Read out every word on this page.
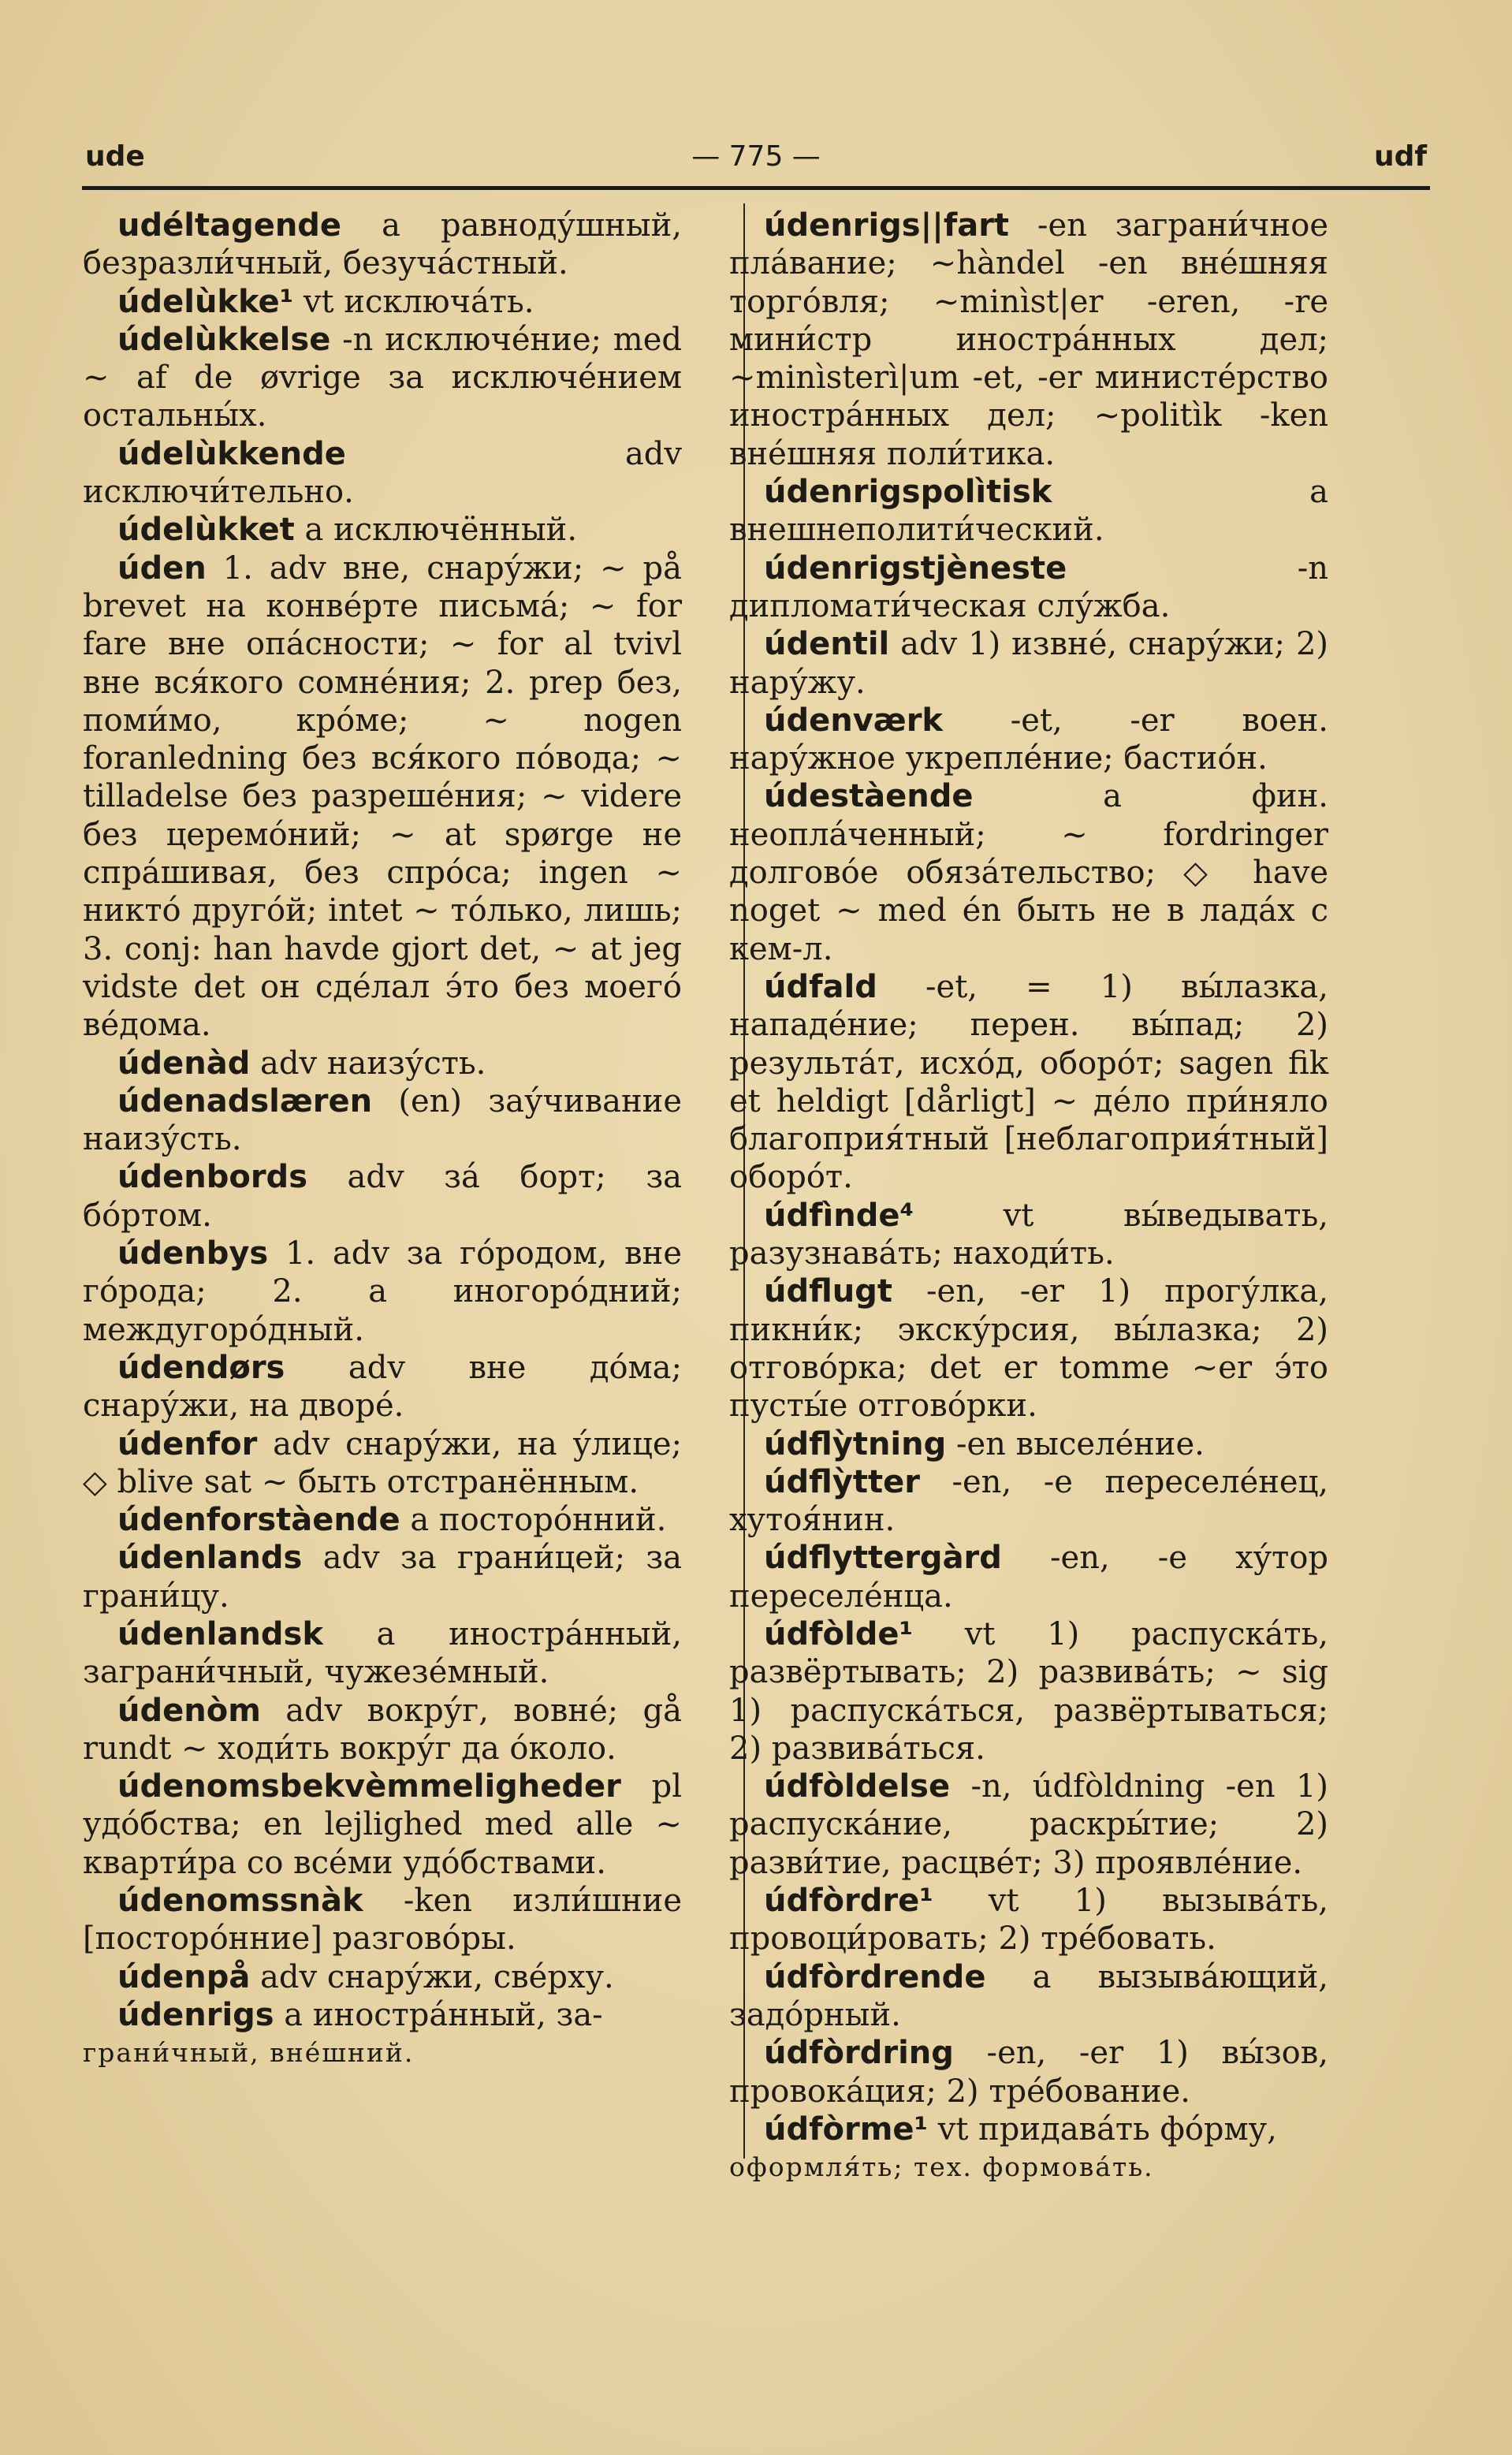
ude	— 775 —	udf

udéltagende a равноду́шный, безразли́чный, безуча́стный.

údelùkke¹ vt исключа́ть.

údelùkkelse -n исключе́ние; med ~ af de øvrige за исключе́нием остальны́х.

údelùkkende adv исключи́тельно.

údelùkket a исключённый.

úden 1. adv вне, снару́жи; ~ på brevet на конве́рте письма́; ~ for fare вне опа́сности; ~ for al tvivl вне вся́кого сомне́ния; 2. prep без, поми́мо, кро́ме; ~ nogen foranledning без вся́кого по́вода; ~ tilladelse без разреше́ния; ~ videre без церемо́ний; ~ at spørge не спра́шивая, без спро́са; ingen ~ никто́ друго́й; intet ~ то́лько, лишь; 3. conj: han havde gjort det, ~ at jeg vidste det он сде́лал э́то без моего́ ве́дома.

údenàd adv наизу́сть.

údenadslæren (en) зау́чивание наизу́сть.

údenbords adv за́ борт; за бо́ртом.

údenbys 1. adv за го́родом, вне го́рода; 2. a иногоро́дний; междугоро́дный.

údendørs adv вне до́ма; снару́жи, на дворе́.

údenfor adv снару́жи, на у́лице; ◇ blive sat ~ быть отстранённым.

údenforstàende a посторо́нний.

údenlands adv за грани́цей; за грани́цу.

údenlandsk a иностра́нный, заграни́чный, чужезе́мный.

údenòm adv вокру́г, вовне́; gå rundt ~ ходи́ть вокру́г да о́коло.

údenomsbekvèmmeligheder pl удо́бства; en lejlighed med alle ~ кварти́ра со все́ми удо́бствами.

údenomssnàk -ken изли́шние [посторо́нние] разгово́ры.

údenpå adv снару́жи, све́рху.

údenrigs a иностра́нный, за-

грани́чный, вне́шний.

údenrigs||fart -en заграни́чное пла́вание; ~hàndel -en вне́шняя торго́вля; ~minìst|er -eren, -re мини́стр иностра́нных дел; ~minìsterì|um -et, -er министе́рство иностра́нных дел; ~politìk -ken вне́шняя поли́тика.

údenrigspolìtisk a внешнеполити́ческий.

údenrigstjèneste -n дипломати́ческая слу́жба.

údentil adv 1) извне́, снару́жи; 2) нару́жу.

údenværk -et, -er воен. нару́жное укрепле́ние; бастио́н.

údestàende a фин. неопла́ченный; ~ fordringer долгово́е обяза́тельство; ◇ have noget ~ med én быть не в лада́х с кем-л.

údfald -et, = 1) вы́лазка, нападе́ние; перен. вы́пад; 2) результа́т, исхо́д, оборо́т; sagen fik et heldigt [dårligt] ~ де́ло при́няло благоприя́тный [неблагоприя́тный] оборо́т.

údfìnde⁴ vt вы́ведывать, разузнава́ть; находи́ть.

údflugt -en, -er 1) прогу́лка, пикни́к; экску́рсия, вы́лазка; 2) отгово́рка; det er tomme ~er э́то пусты́е отгово́рки.

údflỳtning -en выселе́ние.

údflỳtter -en, -e переселе́нец, хутоя́нин.

údflyttergàrd -en, -e ху́тор переселе́нца.

údfòlde¹ vt 1) распуска́ть, развёртывать; 2) развива́ть; ~ sig 1) распуска́ться, развёртываться; 2) развива́ться.

údfòldelse -n, údfòldning -en 1) распуска́ние, раскры́тие; 2) разви́тие, расцве́т; 3) проявле́ние.

údfòrdre¹ vt 1) вызыва́ть, провоци́ровать; 2) тре́бовать.

údfòrdrende a вызыва́ющий, задо́рный.

údfòrdring -en, -er 1) вы́зов, провока́ция; 2) тре́бование.

údfòrme¹ vt придава́ть фо́рму,

оформля́ть; тех. формова́ть.
